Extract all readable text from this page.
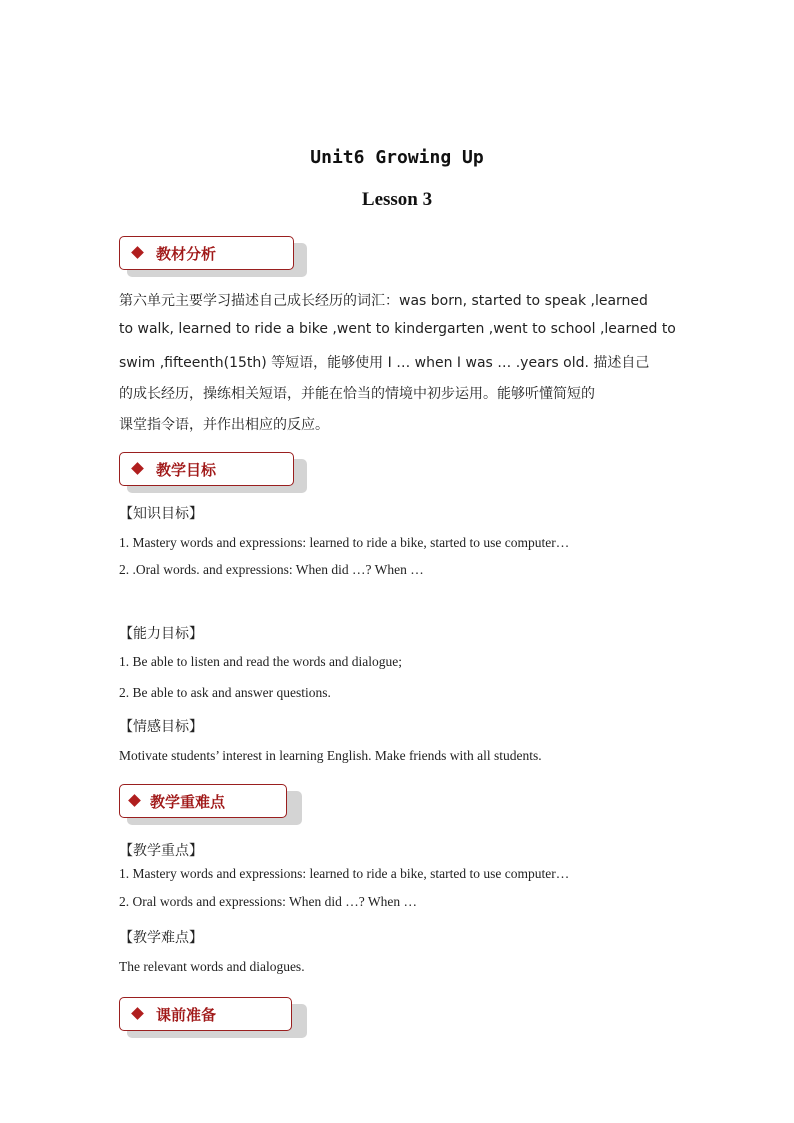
Unit6 Growing Up
Lesson 3
教材分析
第六单元主要学习描述自己成长经历的词汇：was born, started to speak ,learned
to walk, learned to ride a bike ,went to kindergarten ,went to school ,learned to
swim ,fifteenth(15th) 等短语，能够使用 I … when I was … .years old. 描述自己
的成长经历，操练相关短语，并能在恰当的情境中初步运用。能够听懂简短的
课堂指令语，并作出相应的反应。
教学目标
【知识目标】
1. Mastery words and expressions: learned to ride a bike, started to use computer…
2. .Oral words. and expressions: When did …? When …
【能力目标】
1. Be able to listen and read the words and dialogue;
2. Be able to ask and answer questions.
【情感目标】
Motivate students’ interest in learning English. Make friends with all students.
教学重难点
【教学重点】
1. Mastery words and expressions: learned to ride a bike, started to use computer…
2. Oral words and expressions: When did …? When …
【教学难点】
The relevant words and dialogues.
课前准备
